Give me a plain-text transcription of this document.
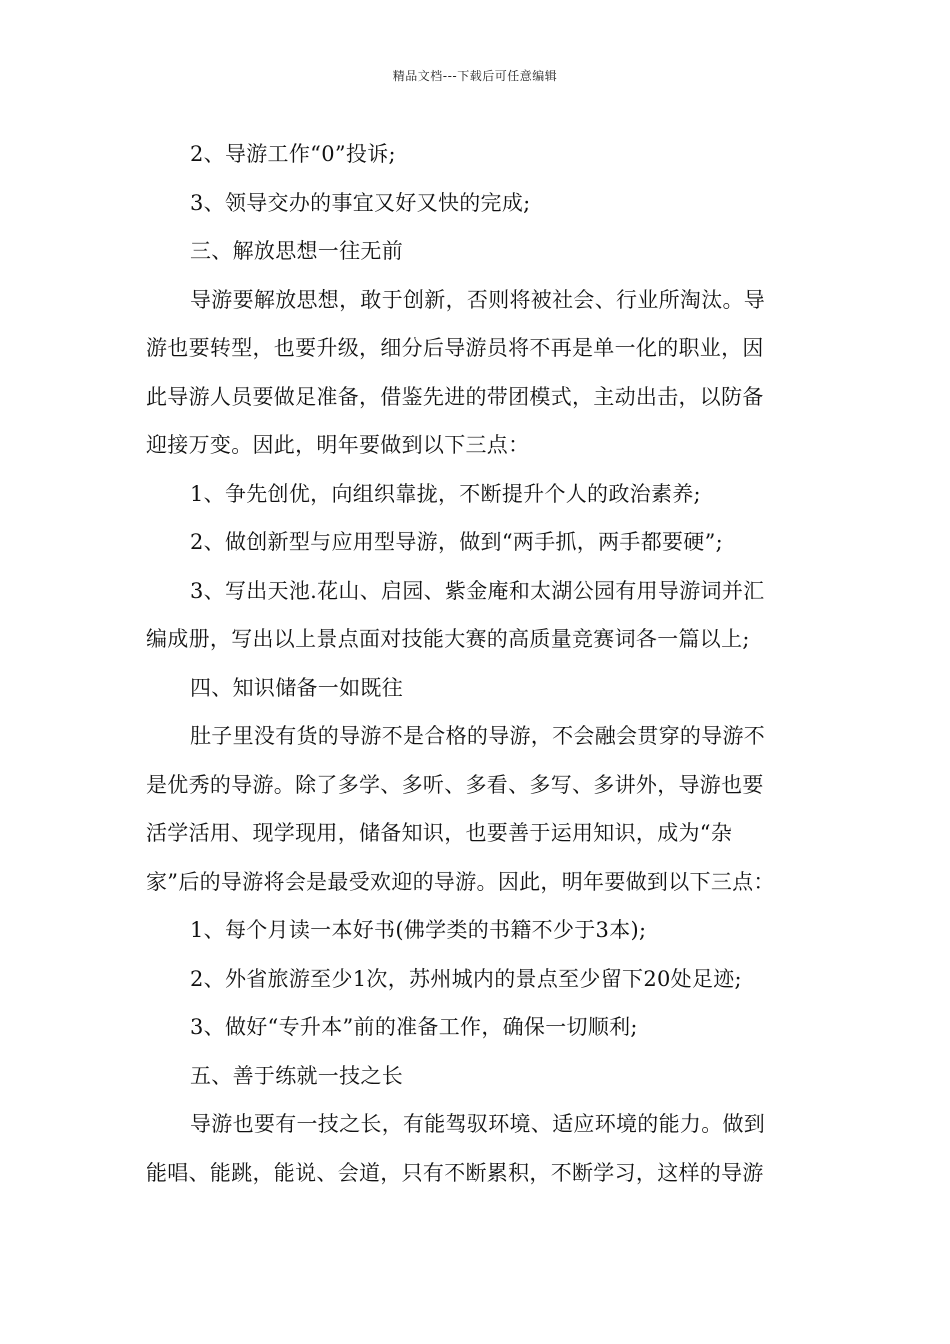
精品文档---下载后可任意编辑
2、导游工作“0”投诉;
3、领导交办的事宜又好又快的完成;
三、解放思想一往无前
导游要解放思想，敢于创新，否则将被社会、行业所淘汰。导
游也要转型，也要升级，细分后导游员将不再是单一化的职业，因
此导游人员要做足准备，借鉴先进的带团模式，主动出击，以防备
迎接万变。因此，明年要做到以下三点：
1、争先创优，向组织靠拢，不断提升个人的政治素养;
2、做创新型与应用型导游，做到“两手抓，两手都要硬”;
3、写出天池.花山、启园、紫金庵和太湖公园有用导游词并汇
编成册，写出以上景点面对技能大赛的高质量竞赛词各一篇以上;
四、知识储备一如既往
肚子里没有货的导游不是合格的导游，不会融会贯穿的导游不
是优秀的导游。除了多学、多听、多看、多写、多讲外，导游也要
活学活用、现学现用，储备知识，也要善于运用知识，成为“杂
家”后的导游将会是最受欢迎的导游。因此，明年要做到以下三点：
1、每个月读一本好书(佛学类的书籍不少于3本);
2、外省旅游至少1次，苏州城内的景点至少留下20处足迹;
3、做好“专升本”前的准备工作，确保一切顺利;
五、善于练就一技之长
导游也要有一技之长，有能驾驭环境、适应环境的能力。做到
能唱、能跳，能说、会道，只有不断累积，不断学习，这样的导游
